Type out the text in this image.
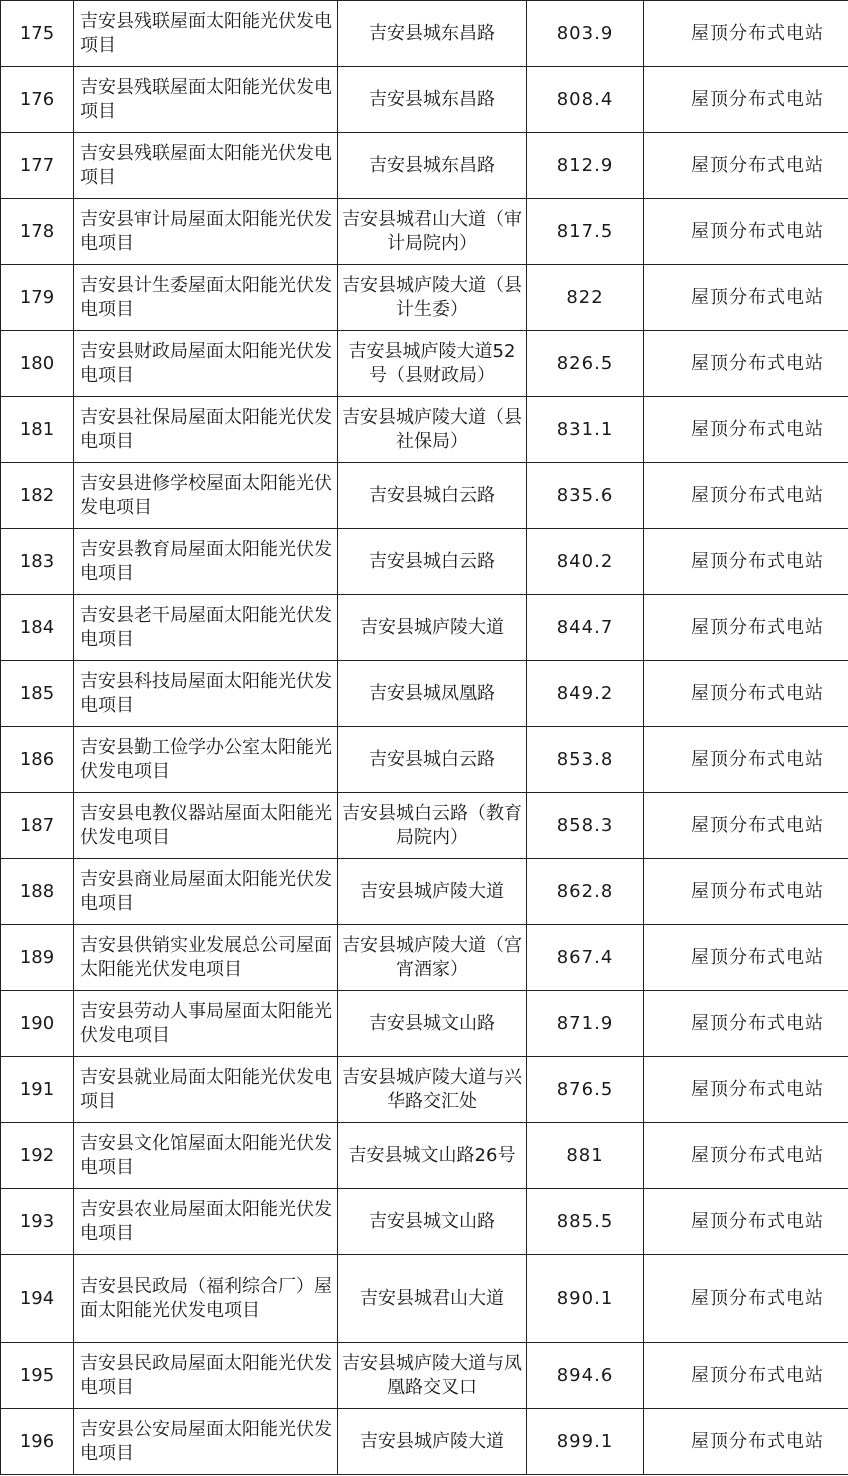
175	吉安县残联屋面太阳能光伏发电项目	吉安县城东昌路	803.9	屋顶分布式电站

176	吉安县残联屋面太阳能光伏发电项目	吉安县城东昌路	808.4	屋顶分布式电站

177	吉安县残联屋面太阳能光伏发电项目	吉安县城东昌路	812.9	屋顶分布式电站

178	吉安县审计局屋面太阳能光伏发电项目	吉安县城君山大道（审计局院内）	817.5	屋顶分布式电站

179	吉安县计生委屋面太阳能光伏发电项目	吉安县城庐陵大道（县计生委）	822	屋顶分布式电站

180	吉安县财政局屋面太阳能光伏发电项目	吉安县城庐陵大道52号（县财政局）	826.5	屋顶分布式电站

181	吉安县社保局屋面太阳能光伏发电项目	吉安县城庐陵大道（县社保局）	831.1	屋顶分布式电站

182	吉安县进修学校屋面太阳能光伏发电项目	吉安县城白云路	835.6	屋顶分布式电站

183	吉安县教育局屋面太阳能光伏发电项目	吉安县城白云路	840.2	屋顶分布式电站

184	吉安县老干局屋面太阳能光伏发电项目	吉安县城庐陵大道	844.7	屋顶分布式电站

185	吉安县科技局屋面太阳能光伏发电项目	吉安县城凤凰路	849.2	屋顶分布式电站

186	吉安县勤工俭学办公室太阳能光伏发电项目	吉安县城白云路	853.8	屋顶分布式电站

187	吉安县电教仪器站屋面太阳能光伏发电项目	吉安县城白云路（教育局院内）	858.3	屋顶分布式电站

188	吉安县商业局屋面太阳能光伏发电项目	吉安县城庐陵大道	862.8	屋顶分布式电站

189	吉安县供销实业发展总公司屋面太阳能光伏发电项目	吉安县城庐陵大道（宫宵酒家）	867.4	屋顶分布式电站

190	吉安县劳动人事局屋面太阳能光伏发电项目	吉安县城文山路	871.9	屋顶分布式电站

191	吉安县就业局面太阳能光伏发电项目	吉安县城庐陵大道与兴华路交汇处	876.5	屋顶分布式电站

192	吉安县文化馆屋面太阳能光伏发电项目	吉安县城文山路26号	881	屋顶分布式电站

193	吉安县农业局屋面太阳能光伏发电项目	吉安县城文山路	885.5	屋顶分布式电站

194	吉安县民政局（福利综合厂）屋面太阳能光伏发电项目	吉安县城君山大道	890.1	屋顶分布式电站

195	吉安县民政局屋面太阳能光伏发电项目	吉安县城庐陵大道与凤凰路交叉口	894.6	屋顶分布式电站

196	吉安县公安局屋面太阳能光伏发电项目	吉安县城庐陵大道	899.1	屋顶分布式电站
